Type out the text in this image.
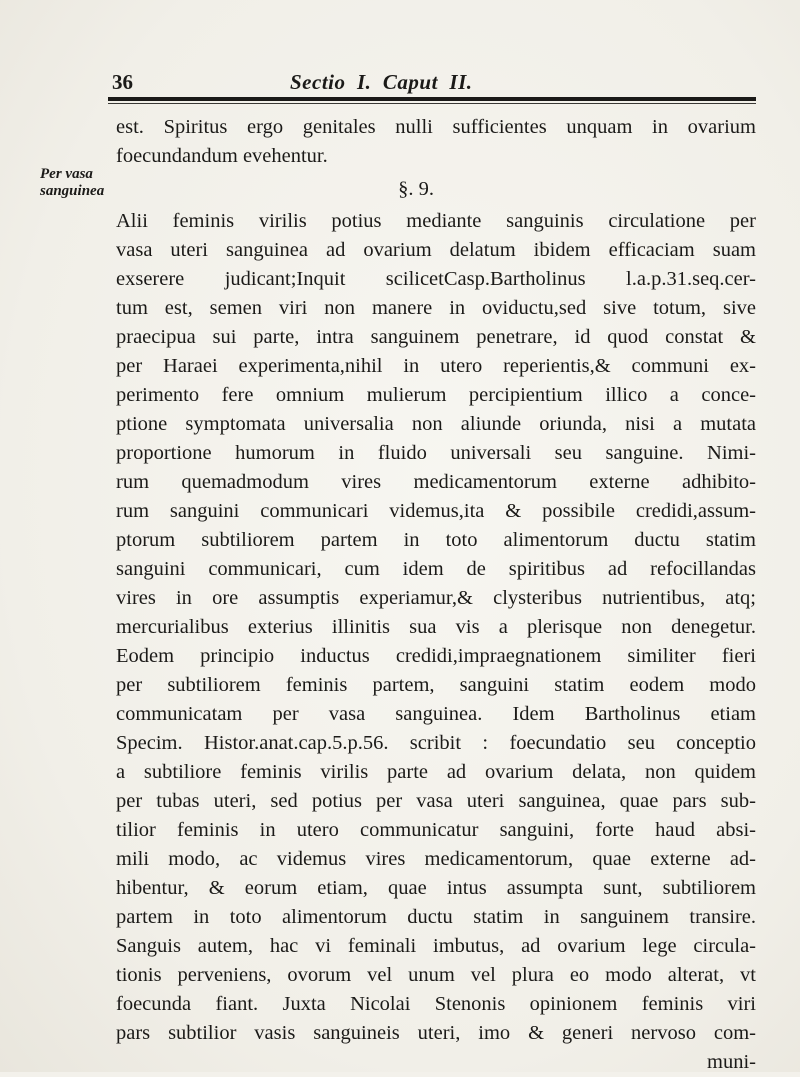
36	Sectio  I.  Caput  II.
Per vasa
sanguinea
est. Spiritus ergo genitales nulli sufficientes unquam in ovarium
foecundandum evehentur.
§. 9.
Alii feminis virilis potius mediante sanguinis circulatione per
vasa uteri sanguinea ad ovarium delatum ibidem efficaciam suam
exserere judicant;Inquit scilicetCasp.Bartholinus l.a.p.31.seq.cer-
tum est, semen viri non manere in oviductu,sed sive totum, sive
praecipua sui parte, intra sanguinem penetrare, id quod constat &
per Haraei experimenta,nihil in utero reperientis,& communi ex-
perimento fere omnium mulierum percipientium illico a conce-
ptione symptomata universalia non aliunde oriunda, nisi a mutata
proportione humorum in fluido universali seu sanguine. Nimi-
rum quemadmodum vires medicamentorum externe adhibito-
rum sanguini communicari videmus,ita & possibile credidi,assum-
ptorum subtiliorem partem in toto alimentorum ductu statim
sanguini communicari, cum idem de spiritibus ad refocillandas
vires in ore assumptis experiamur,& clysteribus nutrientibus, atq;
mercurialibus exterius illinitis sua vis a plerisque non denegetur.
Eodem principio inductus credidi,impraegnationem similiter fieri
per subtiliorem feminis partem, sanguini statim eodem modo
communicatam per vasa sanguinea. Idem Bartholinus etiam
Specim. Histor.anat.cap.5.p.56. scribit : foecundatio seu conceptio
a subtiliore feminis virilis parte ad ovarium delata, non quidem
per tubas uteri, sed potius per vasa uteri sanguinea, quae pars sub-
tilior feminis in utero communicatur sanguini, forte haud absi-
mili modo, ac videmus vires medicamentorum, quae externe ad-
hibentur, & eorum etiam, quae intus assumpta sunt, subtiliorem
partem in toto alimentorum ductu statim in sanguinem transire.
Sanguis autem, hac vi feminali imbutus, ad ovarium lege circula-
tionis perveniens, ovorum vel unum vel plura eo modo alterat, vt
foecunda fiant. Juxta Nicolai Stenonis opinionem feminis viri
pars subtilior vasis sanguineis uteri, imo & generi nervoso com-
muni-
